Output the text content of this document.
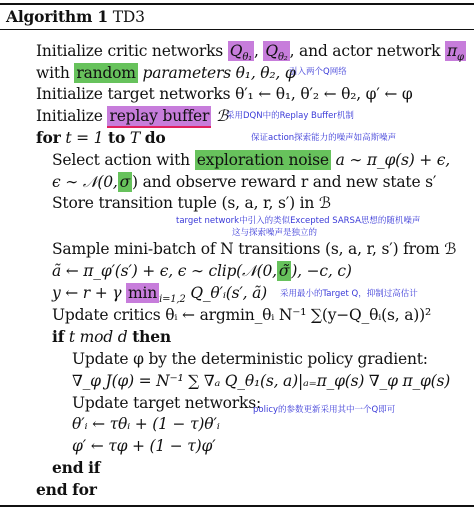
Algorithm 1 TD3
Initialize critic networks $Q_{\theta_1}$ , $Q_{\theta_2}$ , and actor network $\pi_\varphi$
with random parameters θ₁, θ₂, φ
引入两个Q网络
Initialize target networks θ′₁ ← θ₁, θ′₂ ← θ₂, φ′ ← φ
Initialize replay buffer ℬ
采用DQN中的Replay Buffer机制
for t = 1 to T do	保证action探索能力的噪声如高斯噪声
Select action with exploration noise a ∼ π_φ(s) + ϵ,
ϵ ∼ 𝒩(0, σ ) and observe reward r and new state s′
Store transition tuple (s, a, r, s′) in ℬ
target network中引入的类似Excepted SARSA思想的随机噪声
这与探索噪声是独立的
Sample mini-batch of N transitions (s, a, r, s′) from ℬ
ã ← π_φ′(s′) + ϵ, ϵ ∼ clip(𝒩(0, σ̃ ), −c, c)
y ← r + γ min $_{i=1,2}$ Q_θ′ᵢ(s′, ã) 采用最小的Target Q，抑制过高估计
Update critics θᵢ ← argmin_θᵢ N⁻¹ ∑(y−Q_θᵢ(s, a))²
if t mod d then
Update φ by the deterministic policy gradient:
∇_φ J(φ) = N⁻¹ ∑ ∇ₐ Q_θ₁(s, a)|ₐ₌π_φ(s) ∇_φ π_φ(s)
Update target networks:
policy的参数更新采用其中一个Q即可
θ′ᵢ ← τθᵢ + (1 − τ)θ′ᵢ
φ′ ← τφ + (1 − τ)φ′
end if
end for
